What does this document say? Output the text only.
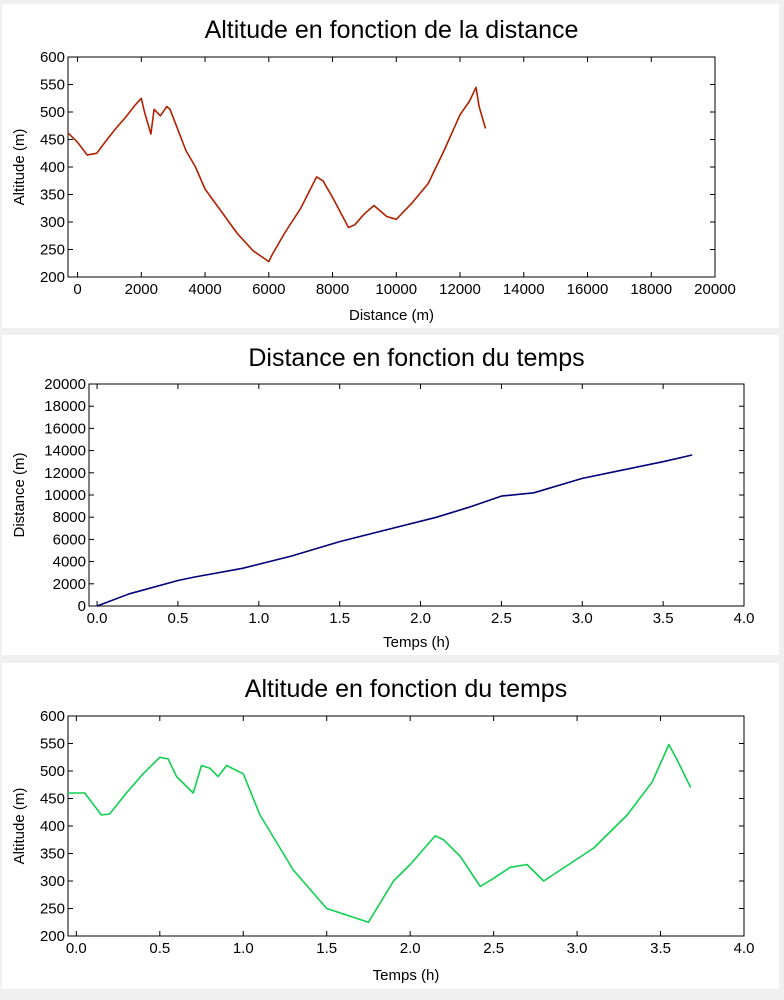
Altitude en fonction de la distance
0	2000 4000 6000 8000 10000 12000 14000 16000 18000 20000
200
250
300
350
400
450
500
550
600
Distance (m)
Altitude (m)
Distance en fonction du temps
0.0	0.5	1.0	1.5	2.0	2.5	3.0	3.5	4.0
0
2000
4000
6000
8000
10000
12000
14000
16000
18000
20000
Temps (h)
Distance (m)
Altitude en fonction du temps
0.0	0.5	1.0	1.5	2.0	2.5	3.0	3.5	4.0
200
250
300
350
400
450
500
550
600
Temps (h)
Altitude (m)
